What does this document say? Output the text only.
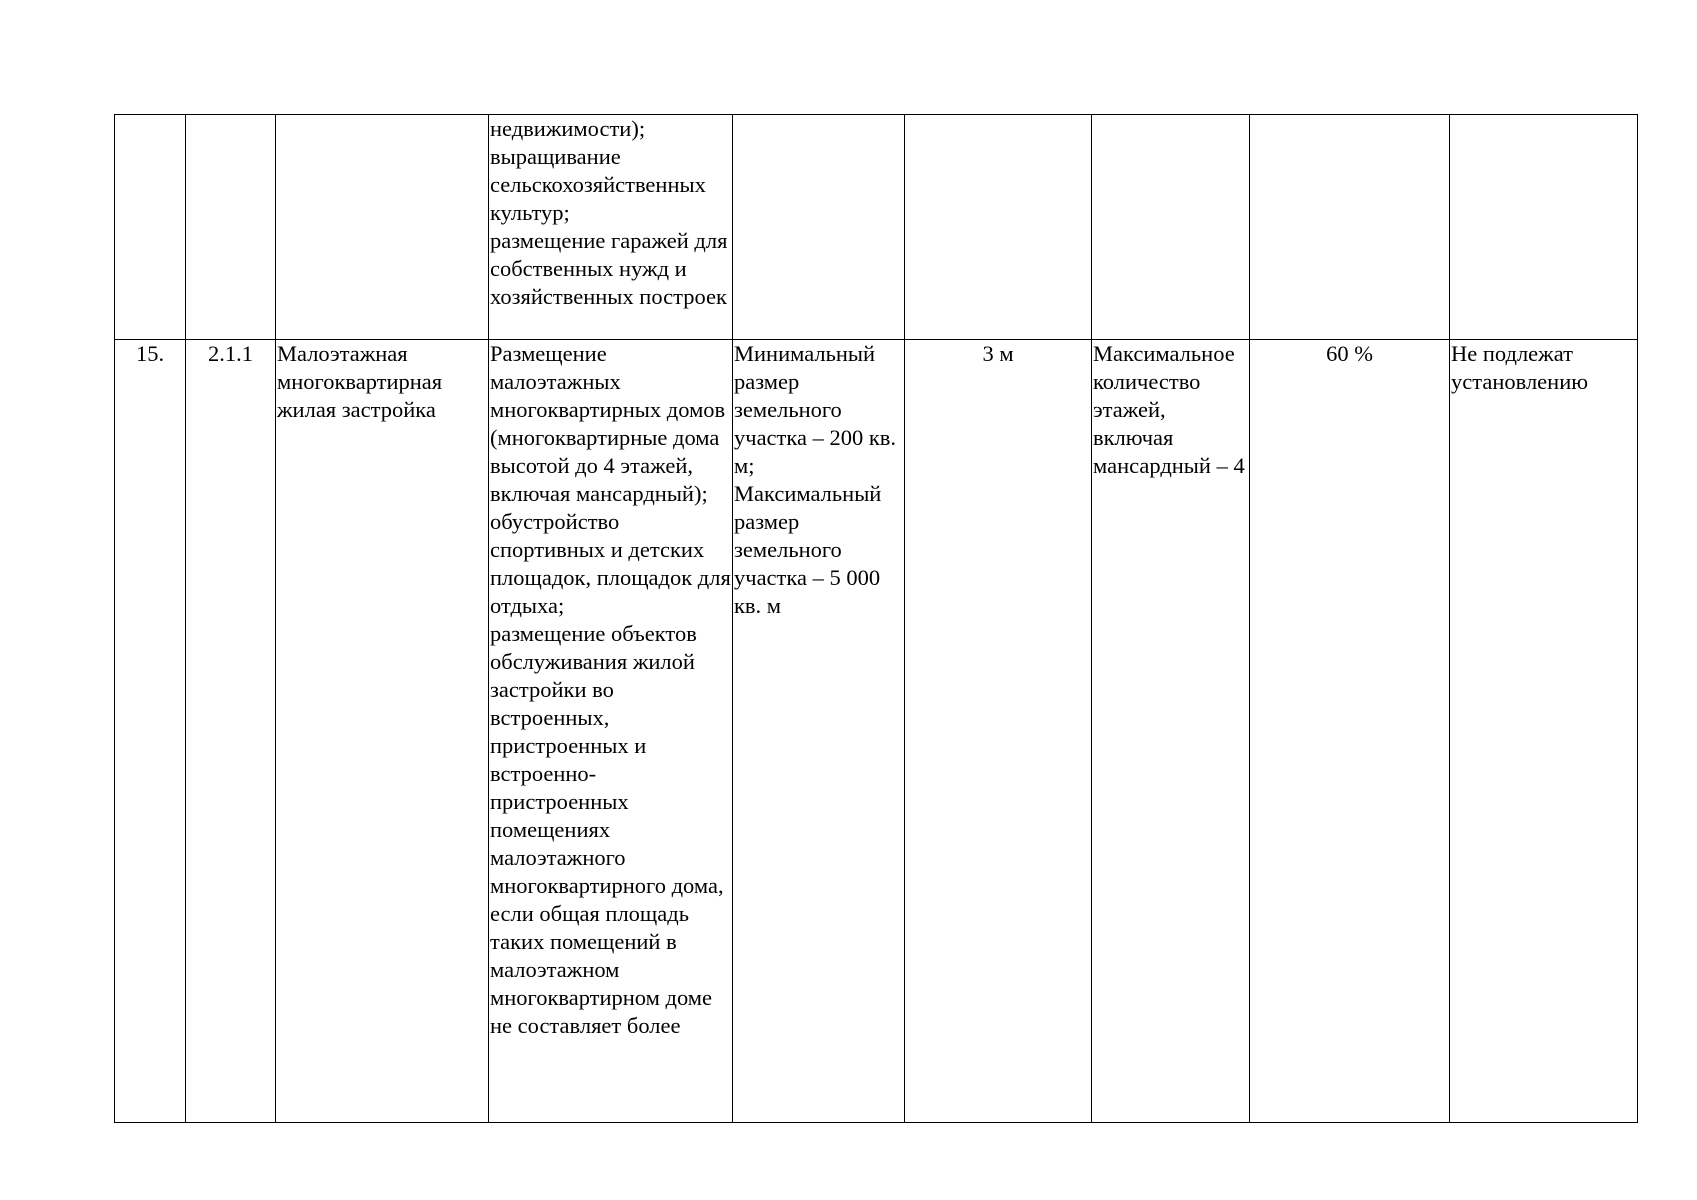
			недвижимости);
выращивание сельскохозяйственных культур;
размещение гаражей для собственных нужд и хозяйственных построек					

15.	2.1.1	Малоэтажная многоквартирная жилая застройка	Размещение малоэтажных многоквартирных домов (многоквартирные дома высотой до 4 этажей, включая мансардный);
обустройство спортивных и детских площадок, площадок для отдыха;
размещение объектов обслуживания жилой застройки во встроенных, пристроенных и встроенно-пристроенных помещениях малоэтажного многоквартирного дома, если общая площадь таких помещений в малоэтажном многоквартирном доме не составляет более	Минимальный размер земельного участка – 200 кв. м;
Максимальный размер земельного участка – 5 000 кв. м	3 м	Максимальное количество этажей, включая мансардный – 4	60 %	Не подлежат установлению
